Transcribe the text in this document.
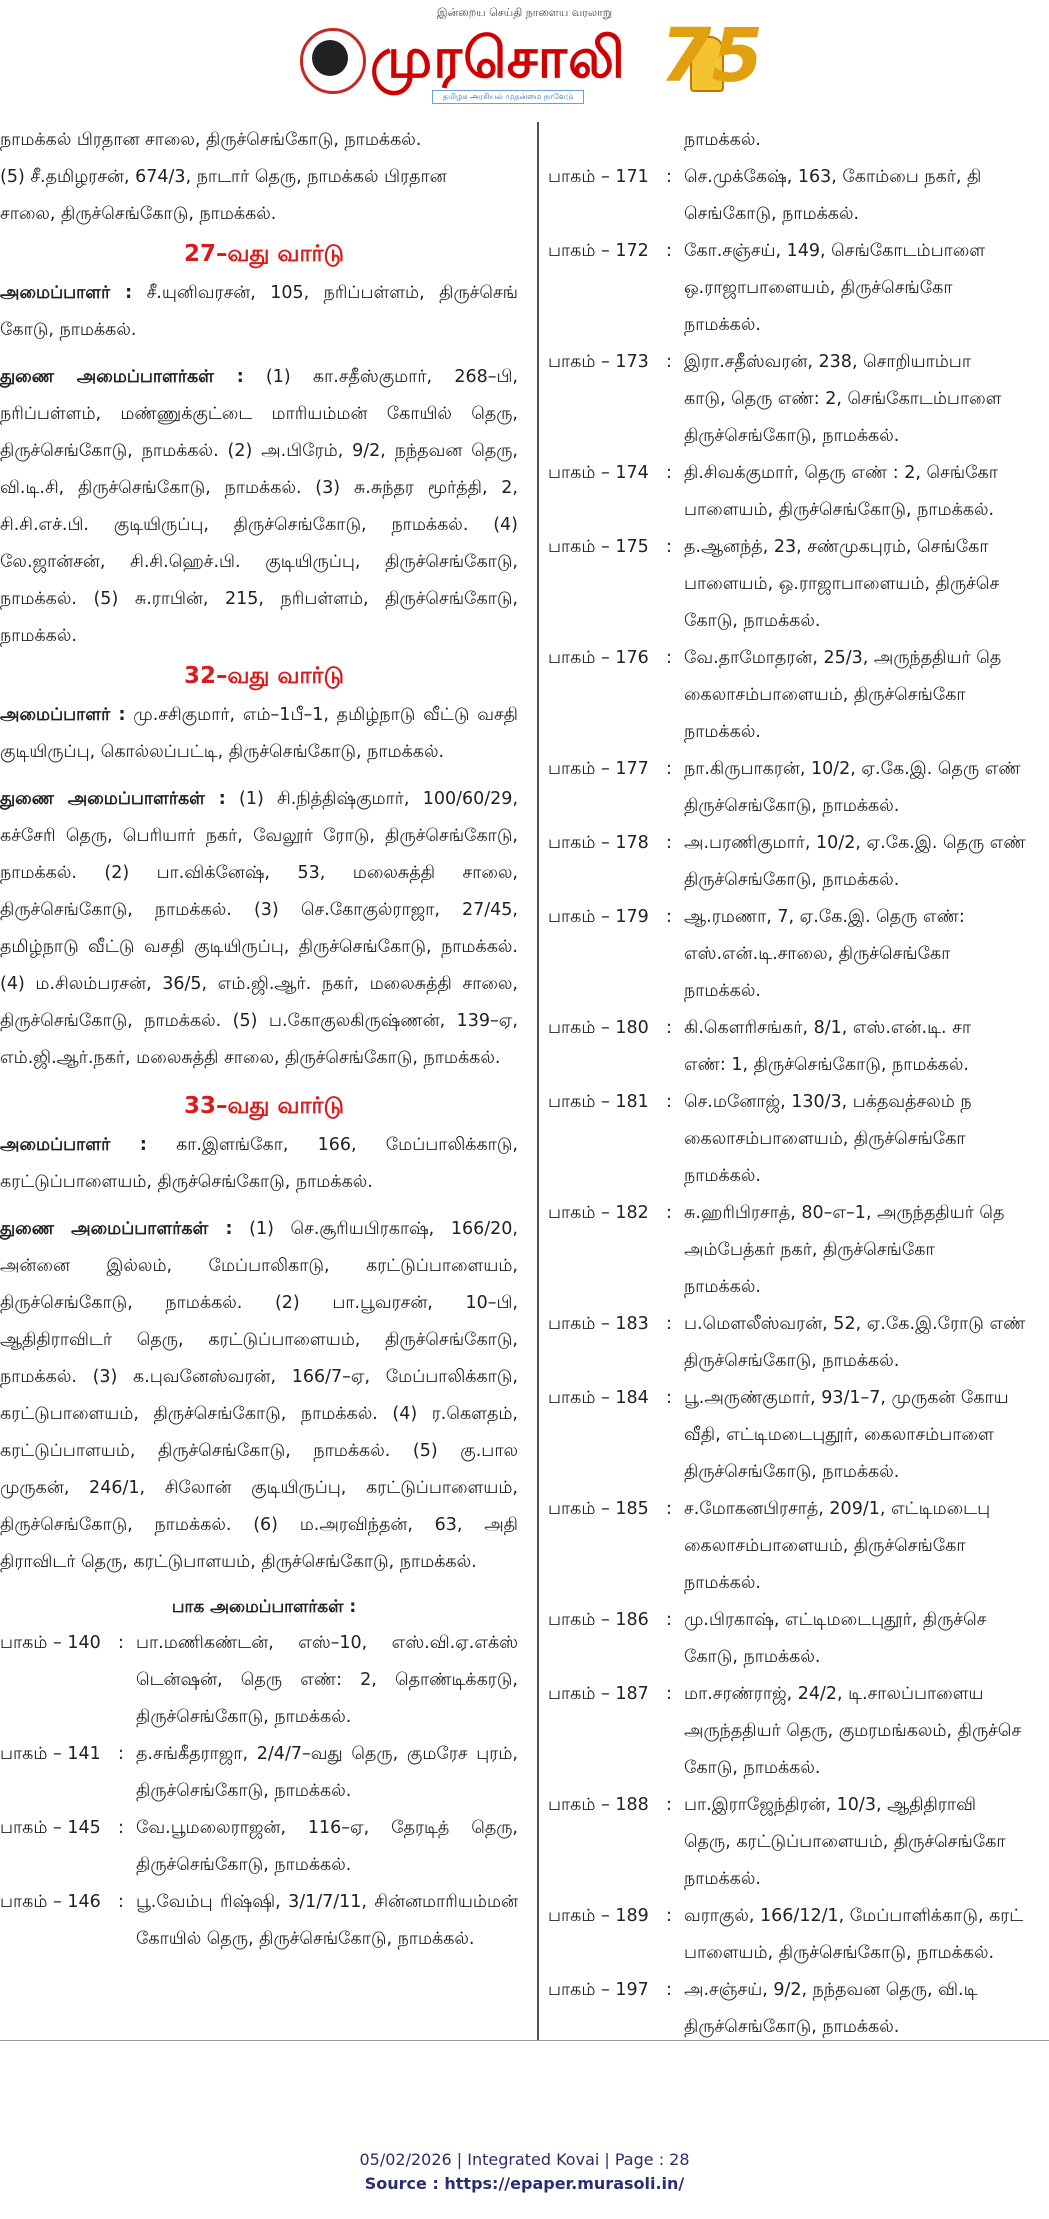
இன்றைய செய்தி நாளைய வரலாறு
முரசொலி
தமிழக அரசியல் முதன்மை நாளேடு 75

நாமக்கல் பிரதான சாலை, திருச்செங்கோடு, நாமக்கல்.

(5) சீ.தமிழரசன், 674/3, நாடார் தெரு, நாமக்கல் பிரதான

சாலை, திருச்செங்கோடு, நாமக்கல்.

27–வது வார்டு

அமைப்பாளர் : சீ.யுனிவரசன், 105, நரிப்பள்ளம், திருச்செங் கோடு, நாமக்கல்.

துணை அமைப்பாளர்கள் : (1) கா.சதீஸ்குமார், 268–பி, நரிப்பள்ளம், மண்ணுக்குட்டை மாரியம்மன் கோயில் தெரு, திருச்செங்கோடு, நாமக்கல். (2) அ.பிரேம், 9/2, நந்தவன தெரு, வி.டி.சி, திருச்செங்கோடு, நாமக்கல். (3) சு.சுந்தர மூர்த்தி, 2, சி.சி.எச்.பி. குடியிருப்பு, திருச்செங்கோடு, நாமக்கல். (4) லே.ஜான்சன், சி.சி.ஹெச்.பி. குடியிருப்பு, திருச்செங்கோடு, நாமக்கல். (5) சு.ராபின், 215, நரிபள்ளம், திருச்செங்கோடு, நாமக்கல்.

32–வது வார்டு

அமைப்பாளர் : மு.சசிகுமார், எம்–1பீ–1, தமிழ்நாடு வீட்டு வசதி குடியிருப்பு, கொல்லப்பட்டி, திருச்செங்கோடு, நாமக்கல்.

துணை அமைப்பாளர்கள் : (1) சி.நித்திஷ்குமார், 100/60/29, கச்சேரி தெரு, பெரியார் நகர், வேலூர் ரோடு, திருச்செங்கோடு, நாமக்கல். (2) பா.விக்னேஷ், 53, மலைசுத்தி சாலை, திருச்செங்கோடு, நாமக்கல். (3) செ.கோகுல்ராஜா, 27/45, தமிழ்நாடு வீட்டு வசதி குடியிருப்பு, திருச்செங்கோடு, நாமக்கல். (4) ம.சிலம்பரசன், 36/5, எம்.ஜி.ஆர். நகர், மலைசுத்தி சாலை, திருச்செங்கோடு, நாமக்கல். (5) ப.கோகுலகிருஷ்ணன், 139–ஏ, எம்.ஜி.ஆர்.நகர், மலைசுத்தி சாலை, திருச்செங்கோடு, நாமக்கல்.

33–வது வார்டு

அமைப்பாளர் : கா.இளங்கோ, 166, மேப்பாலிக்காடு, கரட்டுப்பாளையம், திருச்செங்கோடு, நாமக்கல்.

துணை அமைப்பாளர்கள் : (1) செ.சூரியபிரகாஷ், 166/20, அன்னை இல்லம், மேப்பாலிகாடு, கரட்டுப்பாளையம், திருச்செங்கோடு, நாமக்கல். (2) பா.பூவரசன், 10–பி, ஆதிதிராவிடர் தெரு, கரட்டுப்பாளையம், திருச்செங்கோடு, நாமக்கல். (3) க.புவனேஸ்வரன், 166/7–ஏ, மேப்பாலிக்காடு, கரட்டுபாளையம், திருச்செங்கோடு, நாமக்கல். (4) ர.கௌதம், கரட்டுப்பாளயம், திருச்செங்கோடு, நாமக்கல். (5) கு.பால முருகன், 246/1, சிலோன் குடியிருப்பு, கரட்டுப்பாளையம், திருச்செங்கோடு, நாமக்கல். (6) ம.அரவிந்தன், 63, அதி திராவிடர் தெரு, கரட்டுபாளயம், திருச்செங்கோடு, நாமக்கல்.

பாக அமைப்பாளர்கள் :
பாகம் – 140 : பா.மணிகண்டன், எஸ்–10, எஸ்.வி.ஏ.எக்ஸ் டென்ஷன், தெரு எண்: 2, தொண்டிக்கரடு, திருச்செங்கோடு, நாமக்கல்.
பாகம் – 141 : த.சங்கீதராஜா, 2/4/7–வது தெரு, குமரேச புரம், திருச்செங்கோடு, நாமக்கல்.
பாகம் – 145 : வே.பூமலைராஜன், 116–ஏ, தேரடித் தெரு, திருச்செங்கோடு, நாமக்கல்.
பாகம் – 146 : பூ.வேம்பு ரிஷ்ஷி, 3/1/7/11, சின்னமாரியம்மன் கோயில் தெரு, திருச்செங்கோடு, நாமக்கல்.
நாமக்கல்.
பாகம் – 171 : செ.முக்கேஷ், 163, கோம்பை நகர், தி
செங்கோடு, நாமக்கல்.
பாகம் – 172 : கோ.சஞ்சய், 149, செங்கோடம்பாளை
ஒ.ராஜாபாளையம், திருச்செங்கோ
நாமக்கல்.
பாகம் – 173 : இரா.சதீஸ்வரன், 238, சொறியாம்பா
காடு, தெரு எண்: 2, செங்கோடம்பாளை
திருச்செங்கோடு, நாமக்கல்.
பாகம் – 174 : தி.சிவக்குமார், தெரு எண் : 2, செங்கோ
பாளையம், திருச்செங்கோடு, நாமக்கல்.
பாகம் – 175 : த.ஆனந்த், 23, சண்முகபுரம், செங்கோ
பாளையம், ஒ.ராஜாபாளையம், திருச்செ
கோடு, நாமக்கல்.
பாகம் – 176 : வே.தாமோதரன், 25/3, அருந்ததியர் தெ
கைலாசம்பாளையம், திருச்செங்கோ
நாமக்கல்.
பாகம் – 177 : நா.கிருபாகரன், 10/2, ஏ.கே.இ. தெரு எண்
திருச்செங்கோடு, நாமக்கல்.
பாகம் – 178 : அ.பரணிகுமார், 10/2, ஏ.கே.இ. தெரு எண்
திருச்செங்கோடு, நாமக்கல்.
பாகம் – 179 : ஆ.ரமணா, 7, ஏ.கே.இ. தெரு எண்:
எஸ்.என்.டி.சாலை, திருச்செங்கோ
நாமக்கல்.
பாகம் – 180 : கி.கௌரிசங்கர், 8/1, எஸ்.என்.டி. சா
எண்: 1, திருச்செங்கோடு, நாமக்கல்.
பாகம் – 181 : செ.மனோஜ், 130/3, பக்தவத்சலம் ந
கைலாசம்பாளையம், திருச்செங்கோ
நாமக்கல்.
பாகம் – 182 : சு.ஹரிபிரசாத், 80–எ–1, அருந்ததியர் தெ
அம்பேத்கர் நகர், திருச்செங்கோ
நாமக்கல்.
பாகம் – 183 : ப.மௌலீஸ்வரன், 52, ஏ.கே.இ.ரோடு எண்
திருச்செங்கோடு, நாமக்கல்.
பாகம் – 184 : பூ.அருண்குமார், 93/1–7, முருகன் கோய
வீதி, எட்டிமடைபுதூர், கைலாசம்பாளை
திருச்செங்கோடு, நாமக்கல்.
பாகம் – 185 : ச.மோகனபிரசாத், 209/1, எட்டிமடைபு
கைலாசம்பாளையம், திருச்செங்கோ
நாமக்கல்.
பாகம் – 186 : மு.பிரகாஷ், எட்டிமடைபுதூர், திருச்செ
கோடு, நாமக்கல்.
பாகம் – 187 : மா.சரண்ராஜ், 24/2, டி.சாலப்பாளைய
அருந்ததியர் தெரு, குமரமங்கலம், திருச்செ
கோடு, நாமக்கல்.
பாகம் – 188 : பா.இராஜேந்திரன், 10/3, ஆதிதிராவி
தெரு, கரட்டுப்பாளையம், திருச்செங்கோ
நாமக்கல்.
பாகம் – 189 : வராகுல், 166/12/1, மேப்பாளிக்காடு, கரட்
பாளையம், திருச்செங்கோடு, நாமக்கல்.
பாகம் – 197 : அ.சஞ்சய், 9/2, நந்தவன தெரு, வி.டி
திருச்செங்கோடு, நாமக்கல்.
05/02/2026 | Integrated Kovai | Page : 28
Source : https://epaper.murasoli.in/
